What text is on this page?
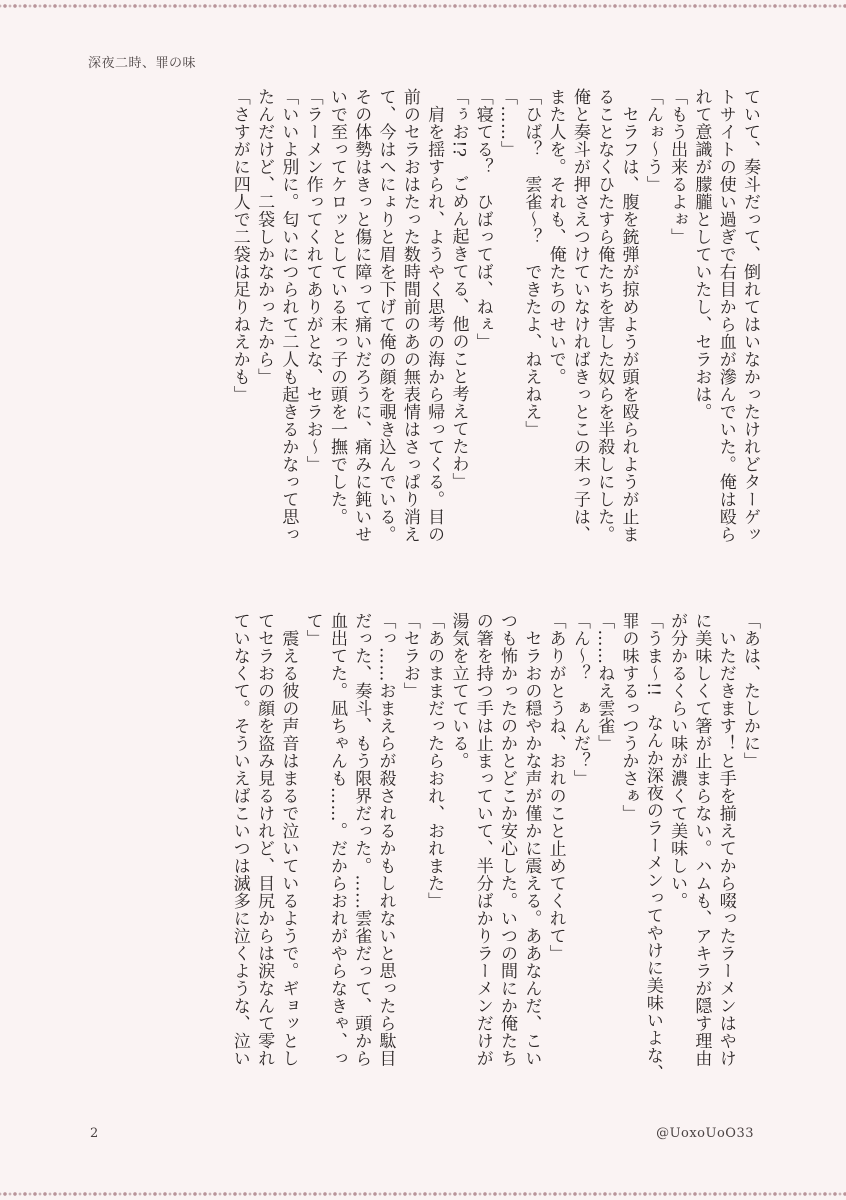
深夜二時、罪の味

ていて、奏斗だって、倒れてはいなかったけれどターゲッ

トサイトの使い過ぎで右目から血が滲んでいた。俺は殴ら

れて意識が朦朧としていたし、セラおは。

「もう出来るよぉ」

「んぉ～う」

　セラフは、腹を銃弾が掠めようが頭を殴られようが止ま

ることなくひたすら俺たちを害した奴らを半殺しにした。

俺と奏斗が押さえつけていなければきっとこの末っ子は、

また人を。それも、俺たちのせいで。

「ひば？　雲雀～？　できたよ、ねえねえ」

「……」

「寝てる？　ひばってば、ねぇ」

「ぅお!?　ごめん起きてる、他のこと考えてたわ」

　肩を揺すられ、ようやく思考の海から帰ってくる。目の

前のセラおはたった数時間前のあの無表情はさっぱり消え

て、今はへにょりと眉を下げて俺の顔を覗き込んでいる。

その体勢はきっと傷に障って痛いだろうに、痛みに鈍いせ

いで至ってケロッとしている末っ子の頭を一撫でした。

「ラーメン作ってくれてありがとな、セラお～」

「いいよ別に。匂いにつられて二人も起きるかなって思っ

たんだけど、二袋しかなかったから」

「さすがに四人で二袋は足りねえかも」

「あは、たしかに」

　いただきます！と手を揃えてから啜ったラーメンはやけ

に美味しくて箸が止まらない。ハムも、アキラが隠す理由

が分かるくらい味が濃くて美味しい。

「うま～!!　なんか深夜のラーメンってやけに美味いよな、

罪の味するっつうかさぁ」

「……ねえ雲雀」

「ん～？　ぁんだ？」

「ありがとうね、おれのこと止めてくれて」

　セラおの穏やかな声が僅かに震える。ああなんだ、こい

つも怖かったのかとどこか安心した。いつの間にか俺たち

の箸を持つ手は止まっていて、半分ばかりラーメンだけが

湯気を立てている。

「あのままだったらおれ、おれまた」

「セラお」

「っ……おまえらが殺されるかもしれないと思ったら駄目

だった、奏斗、もう限界だった。……雲雀だって、頭から

血出てた。凪ちゃんも……。だからおれがやらなきゃ、っ

て」

　震える彼の声音はまるで泣いているようで。ギョッとし

てセラおの顔を盗み見るけれど、目尻からは涙なんて零れ

ていなくて。そういえばこいつは滅多に泣くような、泣い

2	@UoxoUoO33
